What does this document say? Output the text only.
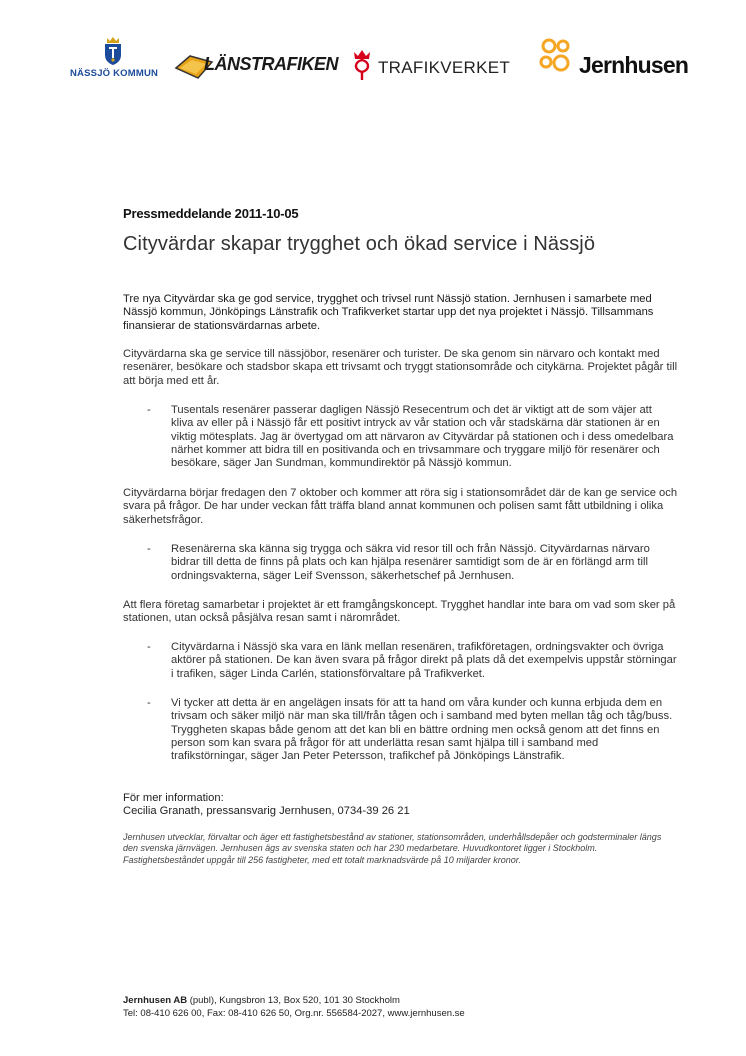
NÄSSJÖ KOMMUN	LÄNSTRAFIKEN TRAFIKVERKET	Jernhusen
Pressmeddelande 2011-10-05
Cityvärdar skapar trygghet och ökad service i Nässjö

Tre nya Cityvärdar ska ge god service, trygghet och trivsel runt Nässjö station. Jernhusen i samarbete med Nässjö kommun, Jönköpings Länstrafik och Trafikverket startar upp det nya projektet i Nässjö. Tillsammans finansierar de stationsvärdarnas arbete.

Cityvärdarna ska ge service till nässjöbor, resenärer och turister. De ska genom sin närvaro och kontakt med resenärer, besökare och stadsbor skapa ett trivsamt och tryggt stationsområde och citykärna. Projektet pågår till att börja med ett år.

- Tusentals resenärer passerar dagligen Nässjö Resecentrum och det är viktigt att de som väjer att kliva av eller på i Nässjö får ett positivt intryck av vår station och vår stadskärna där stationen är en viktig mötesplats. Jag är övertygad om att närvaron av Cityvärdar på stationen och i dess omedelbara närhet kommer att bidra till en positivanda och en trivsammare och tryggare miljö för resenärer och besökare, säger Jan Sundman, kommundirektör på Nässjö kommun.

Cityvärdarna börjar fredagen den 7 oktober och kommer att röra sig i stationsområdet där de kan ge service och svara på frågor. De har under veckan fått träffa bland annat kommunen och polisen samt fått utbildning i olika säkerhetsfrågor.

- Resenärerna ska känna sig trygga och säkra vid resor till och från Nässjö. Cityvärdarnas närvaro bidrar till detta de finns på plats och kan hjälpa resenärer samtidigt som de är en förlängd arm till ordningsvakterna, säger Leif Svensson, säkerhetschef på Jernhusen.

Att flera företag samarbetar i projektet är ett framgångskoncept. Trygghet handlar inte bara om vad som sker på stationen, utan också påsjälva resan samt i närområdet.

- Cityvärdarna i Nässjö ska vara en länk mellan resenären, trafikföretagen, ordningsvakter och övriga aktörer på stationen. De kan även svara på frågor direkt på plats då det exempelvis uppstår störningar i trafiken, säger Linda Carlén, stationsförvaltare på Trafikverket.
- Vi tycker att detta är en angelägen insats för att ta hand om våra kunder och kunna erbjuda dem en trivsam och säker miljö när man ska till/från tågen och i samband med byten mellan tåg och tåg/buss. Tryggheten skapas både genom att det kan bli en bättre ordning men också genom att det finns en person som kan svara på frågor för att underlätta resan samt hjälpa till i samband med trafikstörningar, säger Jan Peter Petersson, trafikchef på Jönköpings Länstrafik.
För mer information:
Cecilia Granath, pressansvarig Jernhusen, 0734-39 26 21
Jernhusen utvecklar, förvaltar och äger ett fastighetsbestånd av stationer, stationsområden, underhållsdepåer och godsterminaler längs den svenska järnvägen. Jernhusen ägs av svenska staten och har 230 medarbetare. Huvudkontoret ligger i Stockholm. Fastighetsbeståndet uppgår till 256 fastigheter, med ett totalt marknadsvärde på 10 miljarder kronor.
Jernhusen AB (publ), Kungsbron 13, Box 520, 101 30 Stockholm
Tel: 08-410 626 00, Fax: 08-410 626 50, Org.nr. 556584-2027, www.jernhusen.se
